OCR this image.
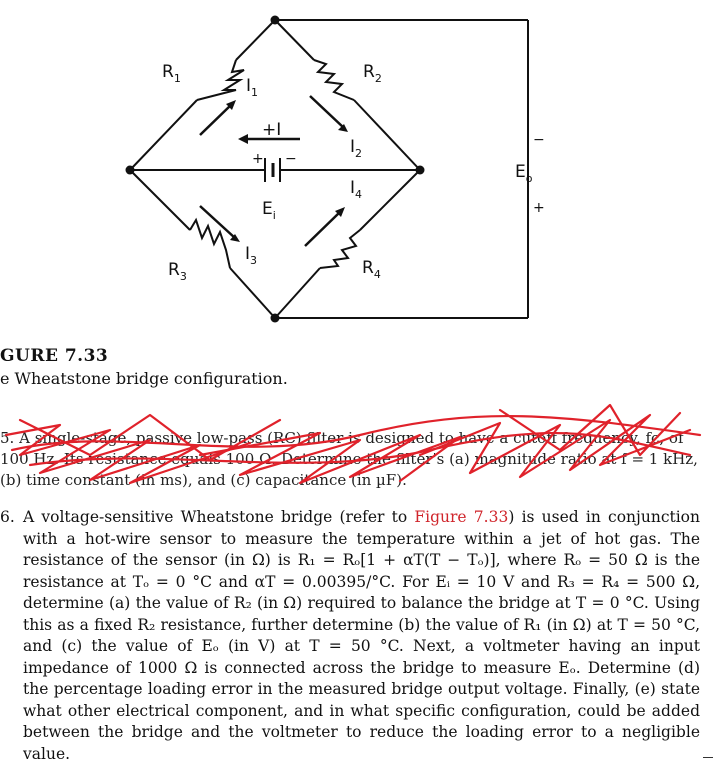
$R_1$	$R_2$
$R_3$	$R_4$
$I_1$
$I_2$
$I_3$
$I_4$
+I
+ −
$E_i$
$E_o$
−
+
GURE 7.33
e Wheatstone bridge configuration.
5. A single-stage, passive low-pass (RC) filter is designed to have a cutoff frequency, fc, of 100 Hz. Its resistance equals 100 Ω. Determine the filter's (a) magnitude ratio at f = 1 kHz, (b) time constant (in ms), and (c) capacitance (in µF).
6. A voltage-sensitive Wheatstone bridge (refer to Figure 7.33) is used in conjunction with a hot-wire sensor to measure the temperature within a jet of hot gas. The resistance of the sensor (in Ω) is R₁ = Rₒ[1 + αT(T − Tₒ)], where Rₒ = 50 Ω is the resistance at Tₒ = 0 °C and αT = 0.00395/°C. For Eᵢ = 10 V and R₃ = R₄ = 500 Ω, determine (a) the value of R₂ (in Ω) required to balance the bridge at T = 0 °C. Using this as a fixed R₂ resistance, further determine (b) the value of R₁ (in Ω) at T = 50 °C, and (c) the value of Eₒ (in V) at T = 50 °C. Next, a voltmeter having an input impedance of 1000 Ω is connected across the bridge to measure Eₒ. Determine (d) the percentage loading error in the measured bridge output voltage. Finally, (e) state what other electrical component, and in what specific configuration, could be added between the bridge and the voltmeter to reduce the loading error to a negligible value.
